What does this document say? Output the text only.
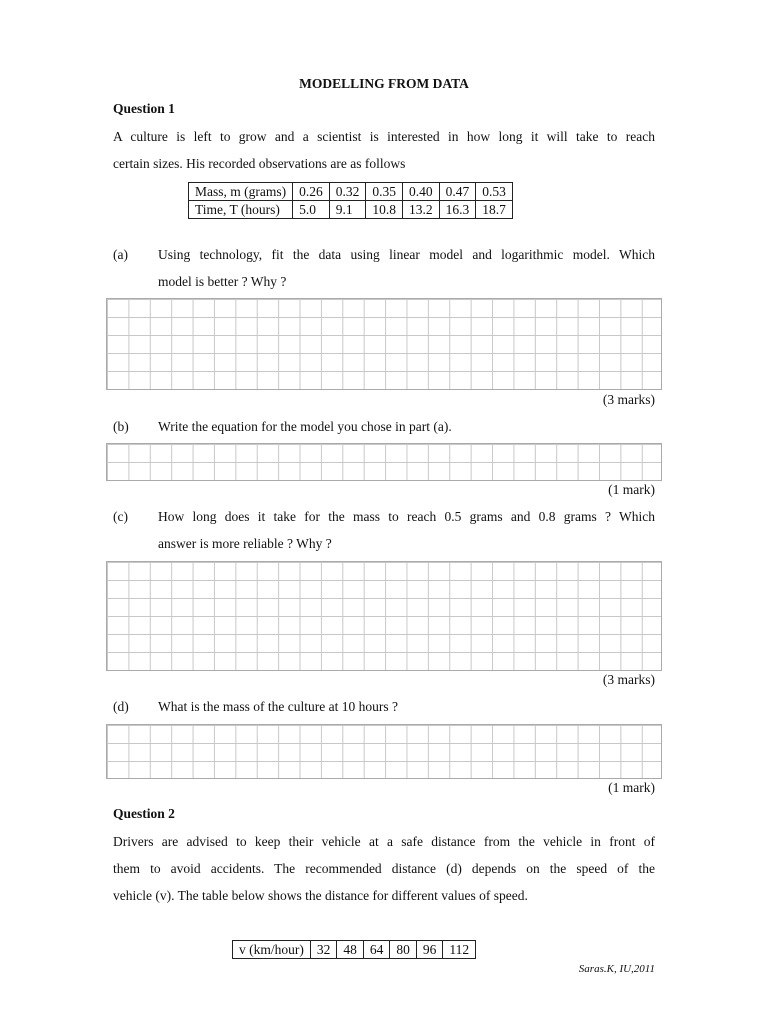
MODELLING FROM DATA
Question 1
A culture is left to grow and a scientist is interested in how long it will take to reach
certain sizes. His recorded observations are as follows
Mass, m (grams)	0.26	0.32	0.35	0.40	0.47	0.53
Time, T (hours)	5.0	9.1	10.8	13.2	16.3	18.7
(a) Using technology, fit the data using linear model and logarithmic model. Which
model is better ? Why ?
(3 marks)
(b) Write the equation for the model you chose in part (a).
(1 mark)
(c) How long does it take for the mass to reach 0.5 grams and 0.8 grams ? Which
answer is more reliable ? Why ?
(3 marks)
(d) What is the mass of the culture at 10 hours ?
(1 mark)
Question 2
Drivers are advised to keep their vehicle at a safe distance from the vehicle in front of
them to avoid accidents. The recommended distance (d) depends on the speed of the
vehicle (v). The table below shows the distance for different values of speed.
v (km/hour)	32	48	64	80	96	112
Saras.K, IU,2011
